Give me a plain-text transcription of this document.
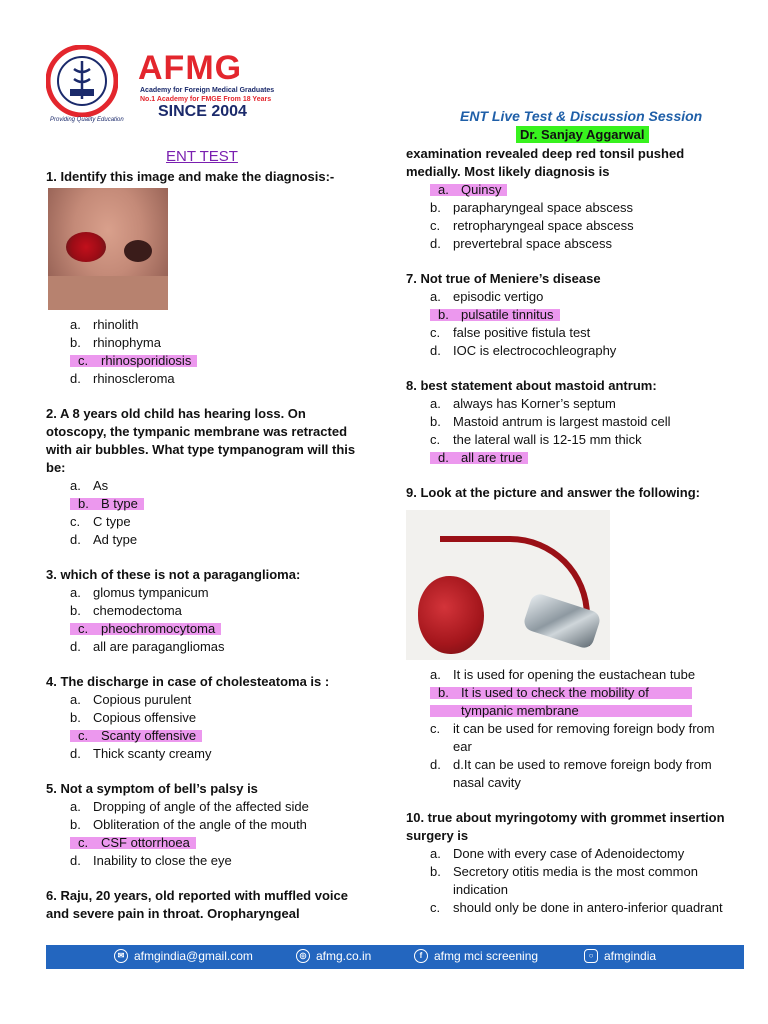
AFMG
Academy for Foreign Medical Graduates
No.1 Academy for FMGE From 18 Years
SINCE 2004
Providing Quality Education	ENT Live Test & Discussion Session
Dr. Sanjay Aggarwal
ENT TEST

1. Identify this image and make the diagnosis:-

a. rhinolith
b. rhinophyma
c. rhinosporidiosis
d. rhinoscleroma

2. A 8 years old child has hearing loss. On otoscopy, the tympanic membrane was retracted with air bubbles. What type tympanogram will this be:

a. As
b. B type
c. C type
d. Ad type

3. which of these is not a paraganglioma:

a. glomus tympanicum
b. chemodectoma
c. pheochromocytoma
d. all are paragangliomas

4. The discharge in case of cholesteatoma is :

a. Copious purulent
b. Copious offensive
c. Scanty offensive
d. Thick scanty creamy

5. Not a symptom of bell’s palsy is

a. Dropping of angle of the affected side
b. Obliteration of the angle of the mouth
c. CSF ottorrhoea
d. Inability to close the eye

6. Raju, 20 years, old reported with muffled voice and severe pain in throat. Oropharyngeal

examination revealed deep red tonsil pushed medially. Most likely diagnosis is

a. Quinsy
b. parapharyngeal space abscess
c. retropharyngeal space abscess
d. prevertebral space abscess

7. Not true of Meniere’s disease

a. episodic vertigo
b. pulsatile tinnitus
c. false positive fistula test
d. IOC is electrocochleography

8. best statement about mastoid antrum:

a. always has Korner’s septum
b. Mastoid antrum is largest mastoid cell
c. the lateral wall is 12-15 mm thick
d. all are true

9. Look at the picture and answer the following:

a. It is used for opening the eustachean tube
b. It is used to check the mobility of tympanic membrane
c. it can be used for removing foreign body from ear
d. d.It can be used to remove foreign body from nasal cavity

10. true about myringotomy with grommet insertion surgery is

a. Done with every case of Adenoidectomy
b. Secretory otitis media is the most common indication
c. should only be done in antero-inferior quadrant
✉ afmgindia@gmail.com	◎ afmg.co.in	f afmg mci screening	○ afmgindia
